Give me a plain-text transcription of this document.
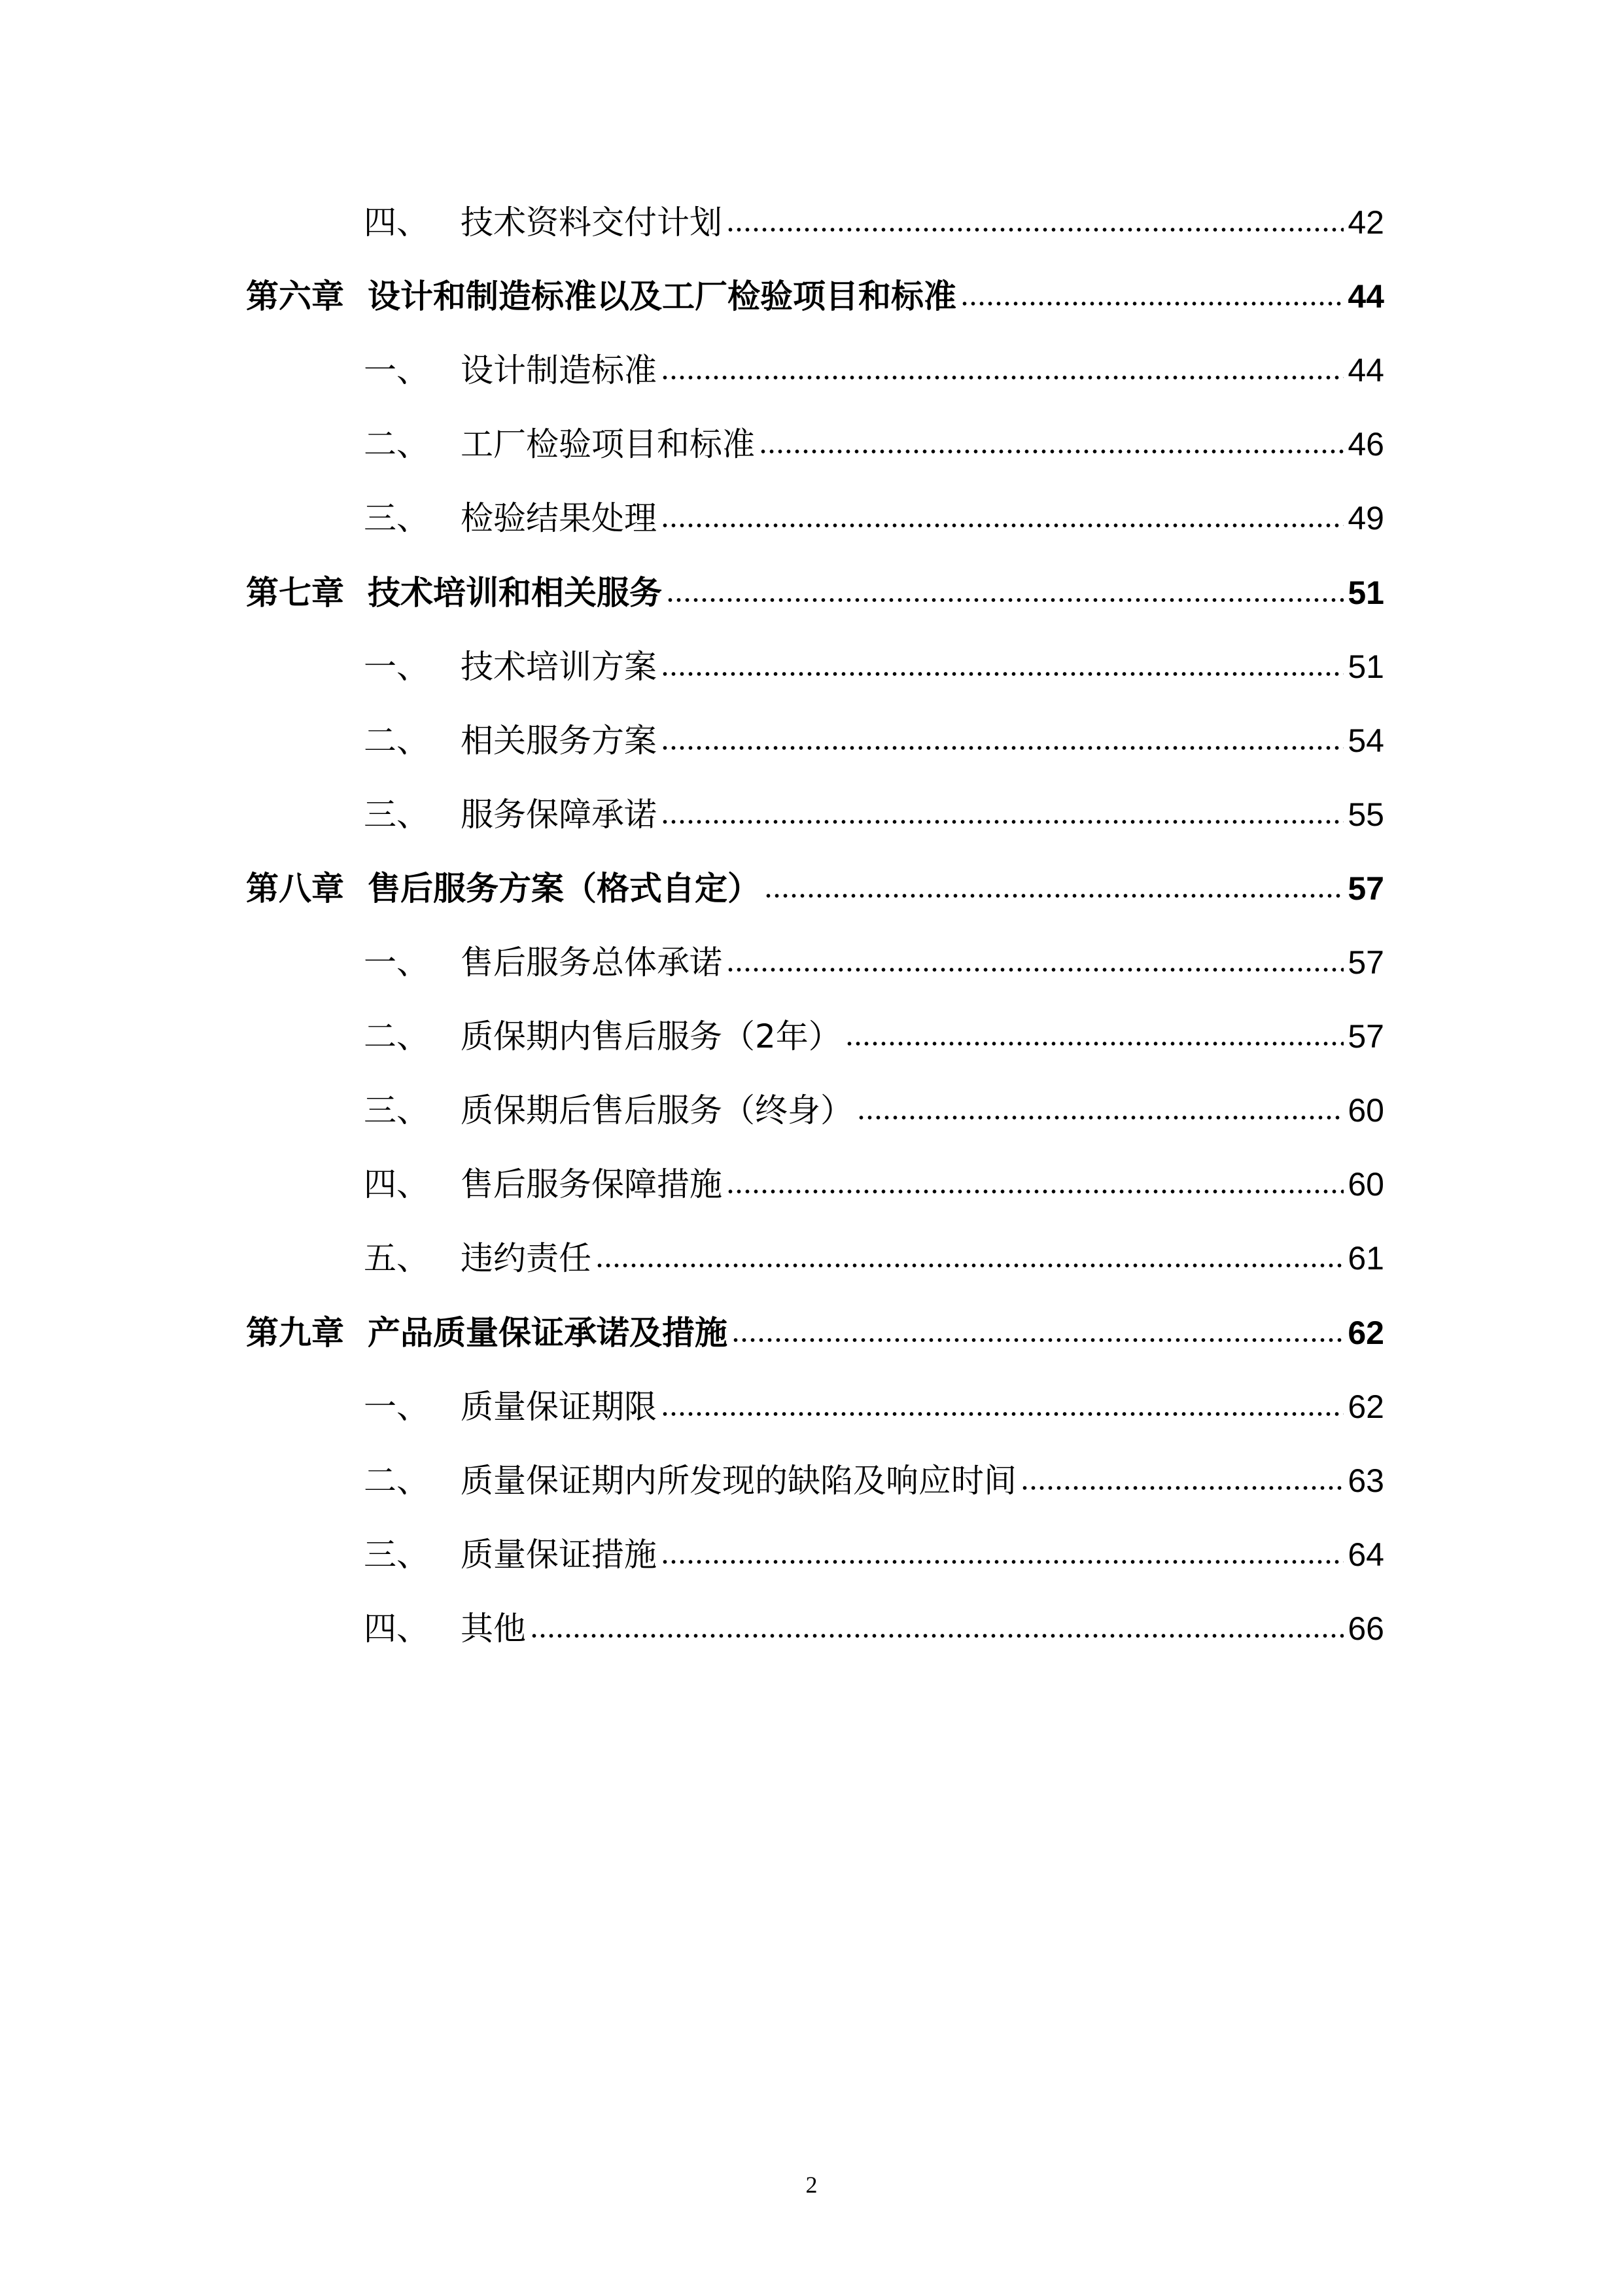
四、 技术资料交付计划	42
第六章 设计和制造标准以及工厂检验项目和标准	44
一、 设计制造标准	44
二、 工厂检验项目和标准	46
三、 检验结果处理	49
第七章 技术培训和相关服务	51
一、 技术培训方案	51
二、 相关服务方案	54
三、 服务保障承诺	55
第八章 售后服务方案（格式自定）	57
一、 售后服务总体承诺	57
二、 质保期内售后服务（2年）	57
三、 质保期后售后服务（终身）	60
四、 售后服务保障措施	60
五、 违约责任	61
第九章 产品质量保证承诺及措施	62
一、 质量保证期限	62
二、 质量保证期内所发现的缺陷及响应时间	63
三、 质量保证措施	64
四、 其他	66
2
